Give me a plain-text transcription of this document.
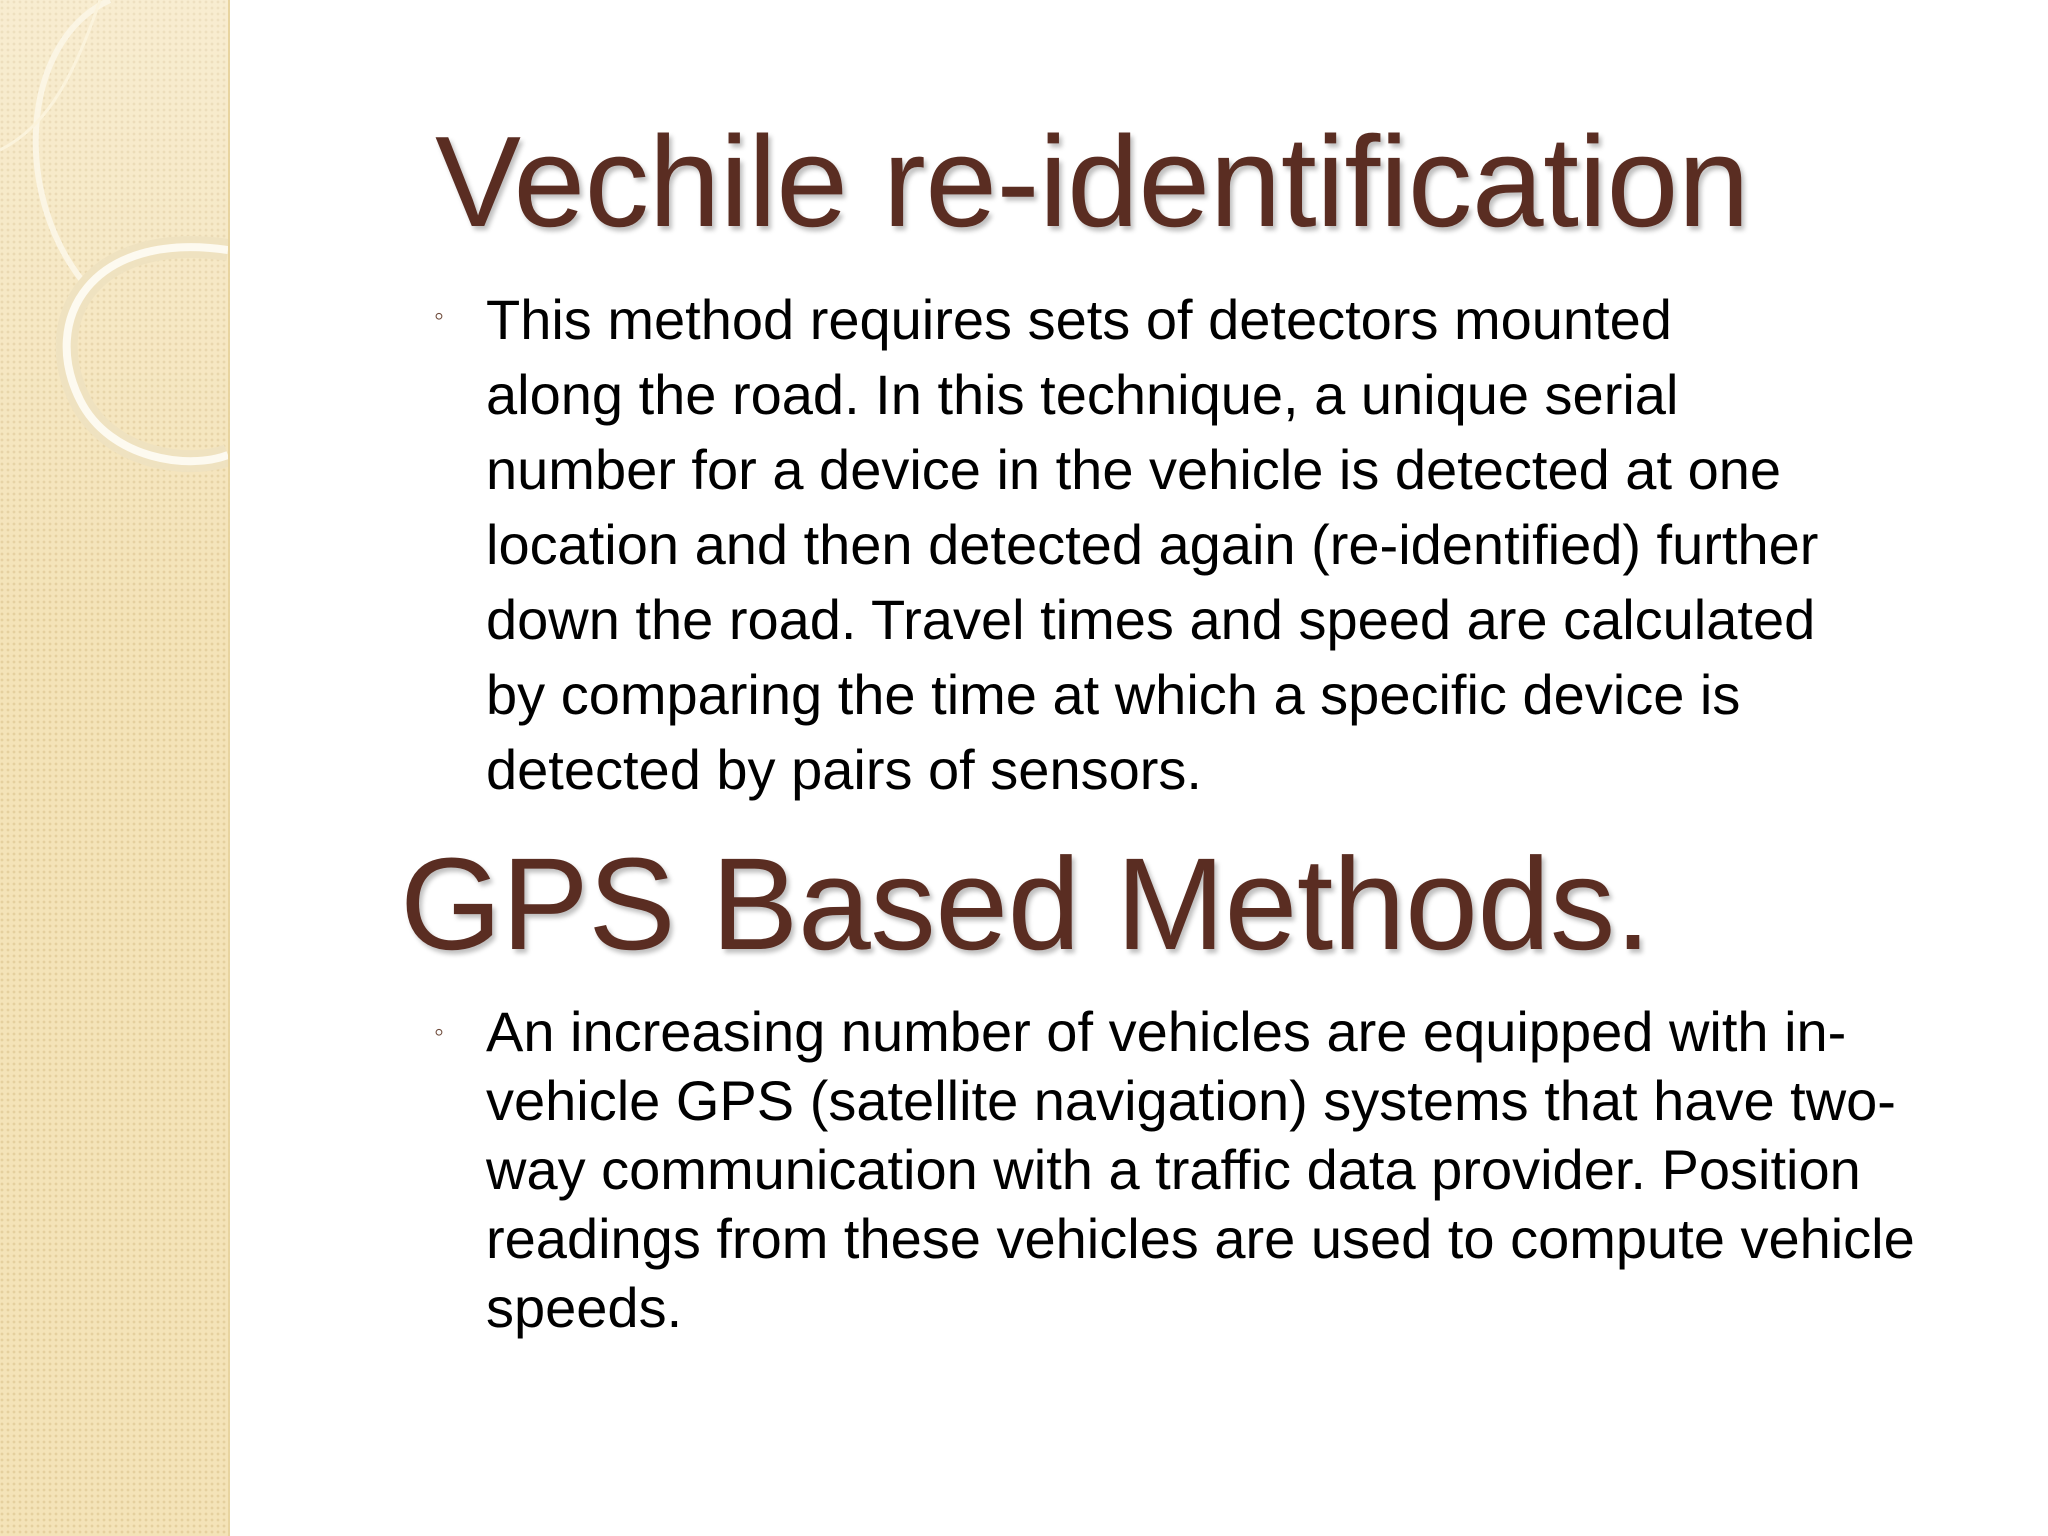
Vechile re-identification
◦ This method requires sets of detectors mounted
along the road. In this technique, a unique serial
number for a device in the vehicle is detected at one
location and then detected again (re-identified) further
down the road. Travel times and speed are calculated
by comparing the time at which a specific device is
detected by pairs of sensors.

GPS Based Methods.
◦ An increasing number of vehicles are equipped with in-
vehicle GPS (satellite navigation) systems that have two-
way communication with a traffic data provider. Position
readings from these vehicles are used to compute vehicle
speeds.
